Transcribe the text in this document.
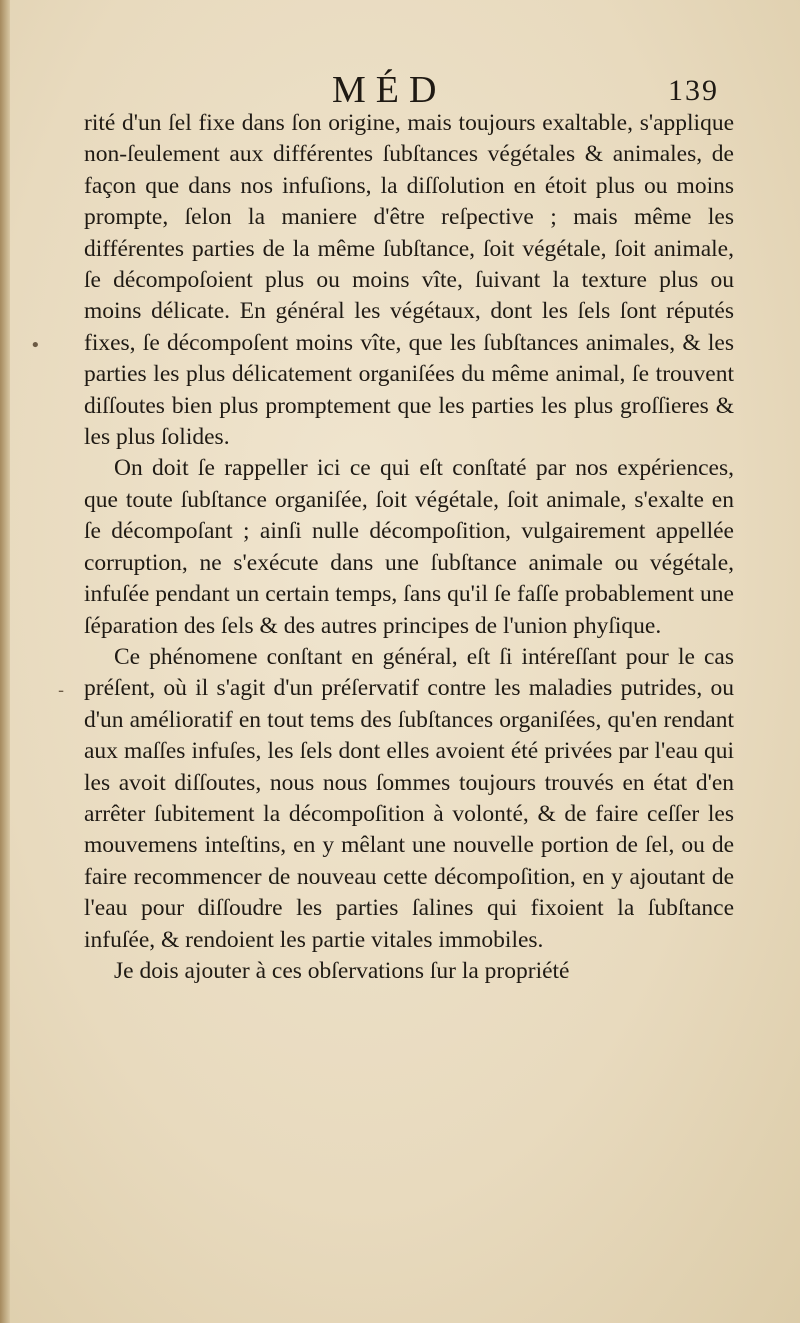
MÉD	139
•
-

rité d'un ſel fixe dans ſon origine, mais toujours exaltable, s'applique non-ſeulement aux différentes ſubſtances végétales & animales, de façon que dans nos infuſions, la diſſolution en étoit plus ou moins prompte, ſelon la maniere d'être reſpective ; mais même les différentes parties de la même ſubſtance, ſoit végétale, ſoit animale, ſe décompoſoient plus ou moins vîte, ſuivant la texture plus ou moins délicate. En général les végétaux, dont les ſels ſont réputés fixes, ſe décompoſent moins vîte, que les ſubſtances animales, & les parties les plus délicatement organiſées du même animal, ſe trouvent diſſoutes bien plus promptement que les parties les plus groſſieres & les plus ſolides.

On doit ſe rappeller ici ce qui eſt conſtaté par nos expériences, que toute ſubſtance organiſée, ſoit végétale, ſoit animale, s'exalte en ſe décompoſant ; ainſi nulle décompoſition, vulgairement appellée corruption, ne s'exécute dans une ſubſtance animale ou végétale, infuſée pendant un certain temps, ſans qu'il ſe faſſe probablement une ſéparation des ſels & des autres principes de l'union phyſique.

Ce phénomene conſtant en général, eſt ſi intéreſſant pour le cas préſent, où il s'agit d'un préſervatif contre les maladies putrides, ou d'un amélioratif en tout tems des ſubſtances organiſées, qu'en rendant aux maſſes infuſes, les ſels dont elles avoient été privées par l'eau qui les avoit diſſoutes, nous nous ſommes toujours trouvés en état d'en arrêter ſubitement la décompoſition à volonté, & de faire ceſſer les mouvemens inteſtins, en y mêlant une nouvelle portion de ſel, ou de faire recommencer de nouveau cette décompoſition, en y ajoutant de l'eau pour diſſoudre les parties ſalines qui fixoient la ſubſtance infuſée, & rendoient les partie vitales immobiles.

Je dois ajouter à ces obſervations ſur la propriété
